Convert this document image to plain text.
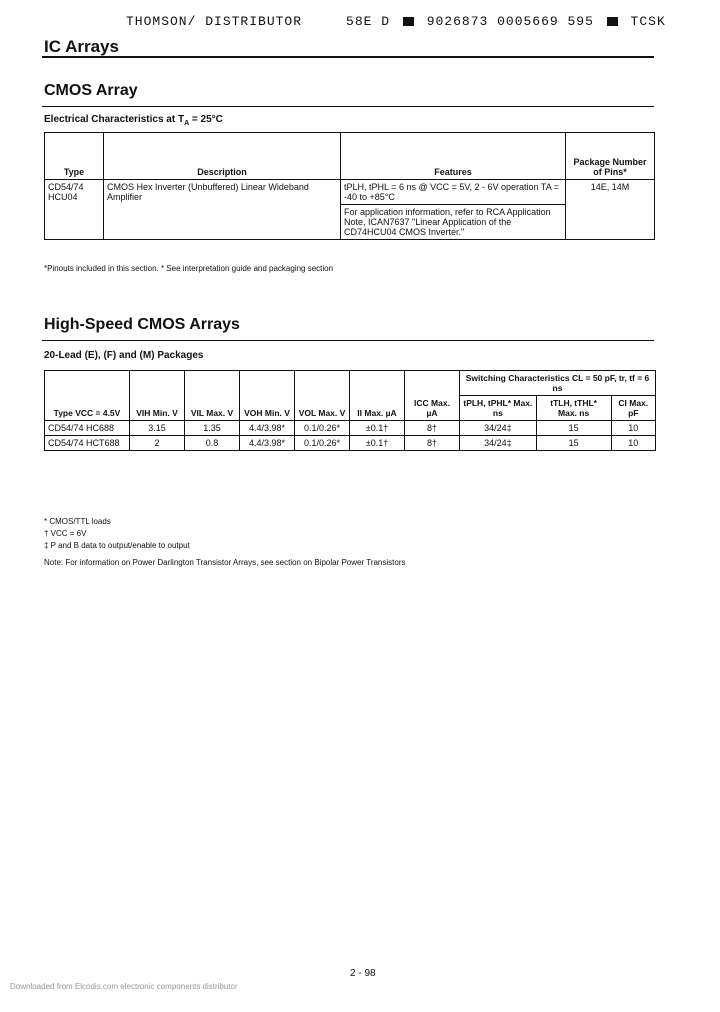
THOMSON/ DISTRIBUTOR	58E D	9026873 0005669 595	TCSK
IC Arrays
CMOS Array
Electrical Characteristics at $T_A = 25^\circ C$
Type	Description	Features	Package Number of Pins*
CD54/74 HCU04	CMOS Hex Inverter (Unbuffered) Linear Wideband Amplifier	tPLH, tPHL = 6 ns @ VCC = 5V, 2 - 6V operation TA = -40 to +85°C	14E, 14M
		For application information, refer to RCA Application Note, ICAN7637 "Linear Application of the CD74HCU04 CMOS Inverter."	
*Pinouts included in this section. * See interpretation guide and packaging section
High-Speed CMOS Arrays
20-Lead (E), (F) and (M) Packages
Type VCC = 4.5V	VIH Min. V	VIL Max. V	VOH Min. V	VOL Max. V	II Max. µA	ICC Max. µA	Switching Characteristics CL = 50 pF, tr, tf = 6 ns		
							tPLH, tPHL* Max. ns	tTLH, tTHL* Max. ns	CI Max. pF
CD54/74 HC688	3.15	1.35	4.4/3.98*	0.1/0.26*	±0.1†	8†	34/24‡	15	10
CD54/74 HCT688	2	0.8	4.4/3.98*	0.1/0.26*	±0.1†	8†	34/24‡	15	10
* CMOS/TTL loads
† VCC = 6V
‡ P and B data to output/enable to output
Note: For information on Power Darlington Transistor Arrays, see section on Bipolar Power Transistors
2 - 98
Downloaded from Elcodis.com electronic components distributor
